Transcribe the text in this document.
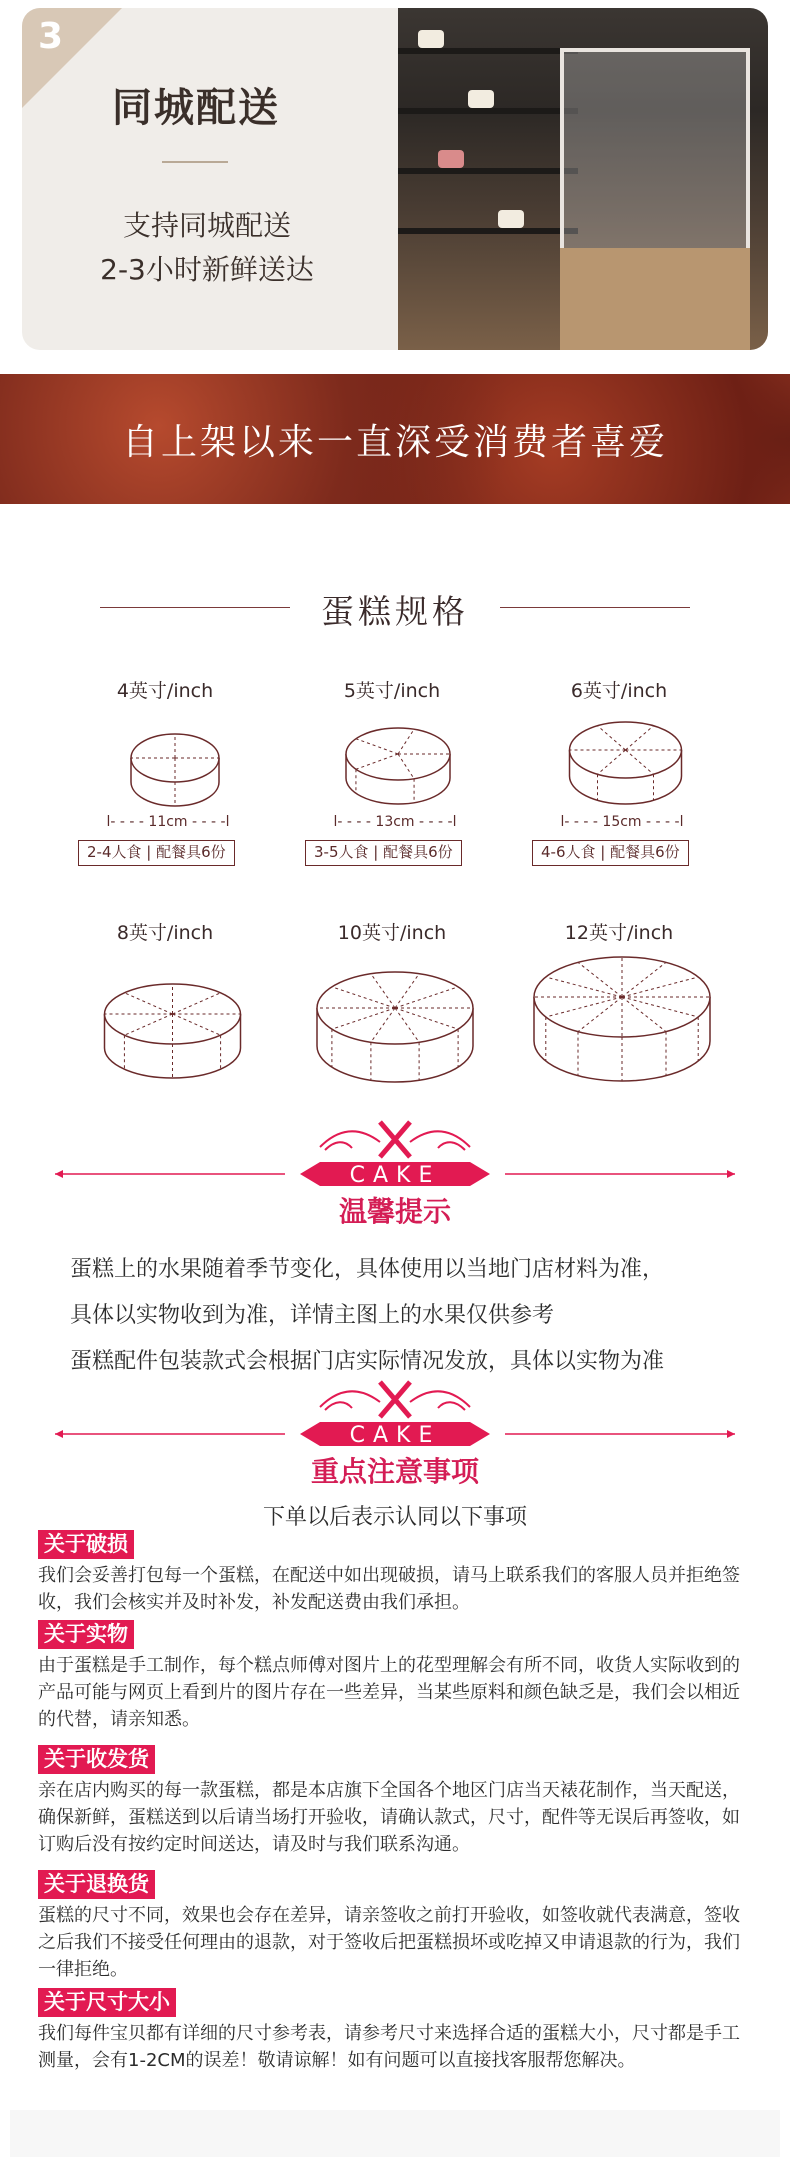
3
同城配送
支持同城配送
2-3小时新鲜送达
自上架以来一直深受消费者喜爱
蛋糕规格
4英寸/inch	5英寸/inch	6英寸/inch
l- - - - 11cm - - - -l	l- - - - 13cm - - - -l	l- - - - 15cm - - - -l
2-4人食 | 配餐具6份	3-5人食 | 配餐具6份	4-6人食 | 配餐具6份
8英寸/inch	10英寸/inch	12英寸/inch
CAKE
温馨提示
蛋糕上的水果随着季节变化，具体使用以当地门店材料为准，
具体以实物收到为准，详情主图上的水果仅供参考
蛋糕配件包装款式会根据门店实际情况发放，具体以实物为准
CAKE
重点注意事项
下单以后表示认同以下事项
关于破损
我们会妥善打包每一个蛋糕，在配送中如出现破损，请马上联系我们的客服人员并拒绝签收，我们会核实并及时补发，补发配送费由我们承担。
关于实物
由于蛋糕是手工制作，每个糕点师傅对图片上的花型理解会有所不同，收货人实际收到的产品可能与网页上看到片的图片存在一些差异，当某些原料和颜色缺乏是，我们会以相近的代替，请亲知悉。
关于收发货
亲在店内购买的每一款蛋糕，都是本店旗下全国各个地区门店当天裱花制作，当天配送，确保新鲜，蛋糕送到以后请当场打开验收，请确认款式，尺寸，配件等无误后再签收，如订购后没有按约定时间送达，请及时与我们联系沟通。
关于退换货
蛋糕的尺寸不同，效果也会存在差异，请亲签收之前打开验收，如签收就代表满意，签收之后我们不接受任何理由的退款，对于签收后把蛋糕损坏或吃掉又申请退款的行为，我们一律拒绝。
关于尺寸大小
我们每件宝贝都有详细的尺寸参考表，请参考尺寸来选择合适的蛋糕大小，尺寸都是手工测量，会有1-2CM的误差！敬请谅解！如有问题可以直接找客服帮您解决。
